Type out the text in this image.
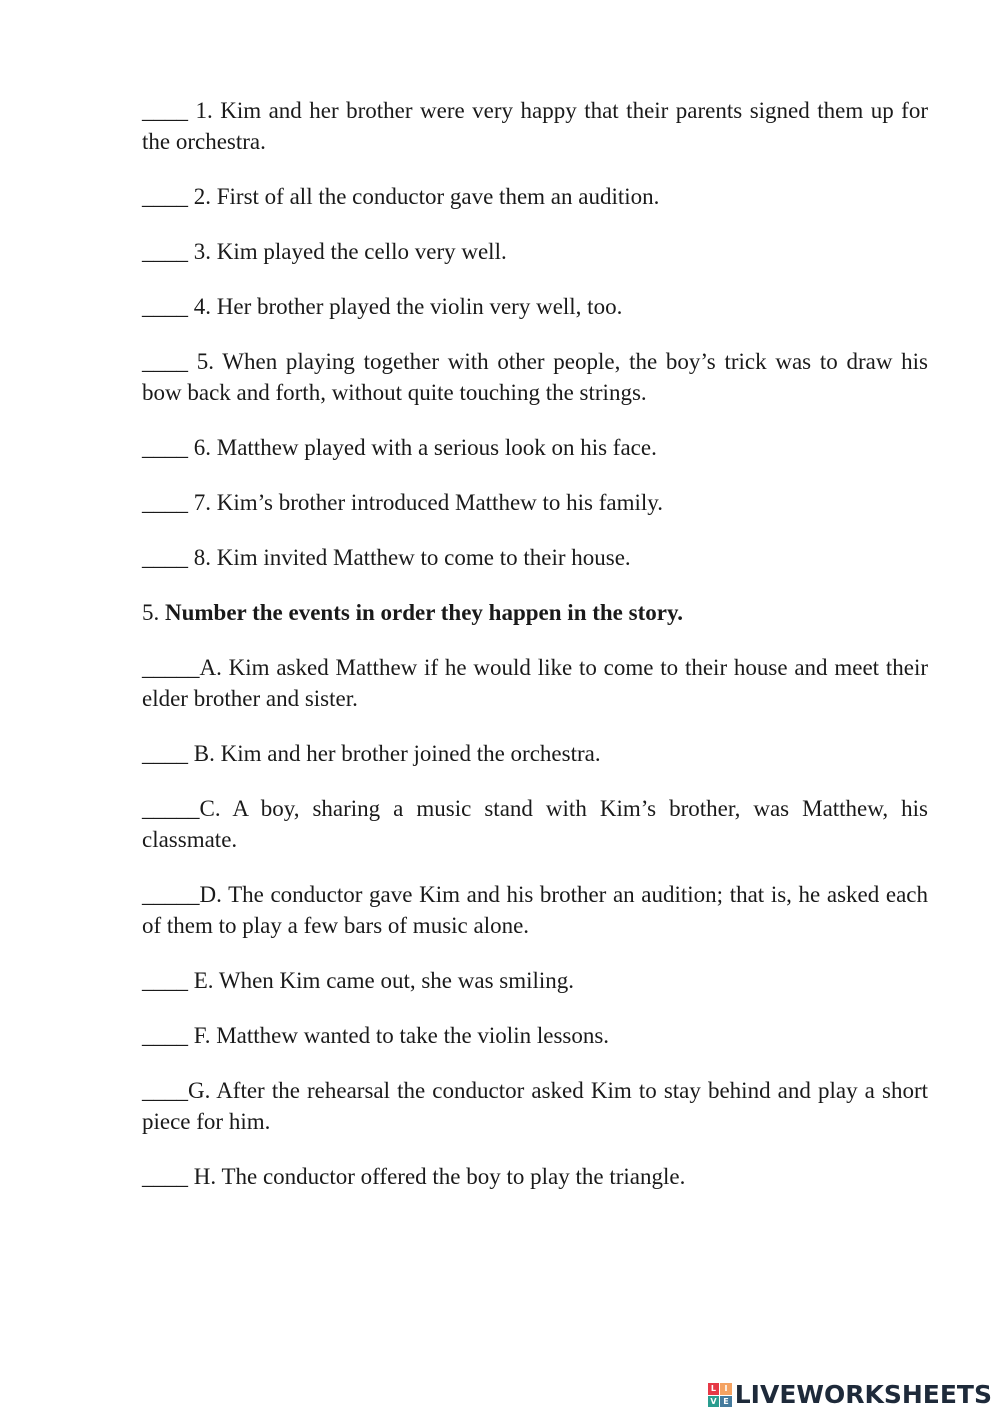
____ 1. Kim and her brother were very happy that their parents signed them up for the orchestra.
____ 2. First of all the conductor gave them an audition.
____ 3. Kim played the cello very well.
____ 4. Her brother played the violin very well, too.
____ 5. When playing together with other people, the boy’s trick was to draw his bow back and forth, without quite touching the strings.
____ 6. Matthew played with a serious look on his face.
____ 7. Kim’s brother introduced Matthew to his family.
____ 8. Kim invited Matthew to come to their house.
5. Number the events in order they happen in the story.
_____A. Kim asked Matthew if he would like to come to their house and meet their elder brother and sister.
____ B. Kim and her brother joined the orchestra.
_____C. A boy, sharing a music stand with Kim’s brother, was Matthew, his classmate.
_____D. The conductor gave Kim and his brother an audition; that is, he asked each of them to play a few bars of music alone.
____ E. When Kim came out, she was smiling.
____ F. Matthew wanted to take the violin lessons.
____G. After the rehearsal the conductor asked Kim to stay behind and play a short piece for him.
____ H. The conductor offered the boy to play the triangle.
L	I
V E LIVEWORKSHEETS
